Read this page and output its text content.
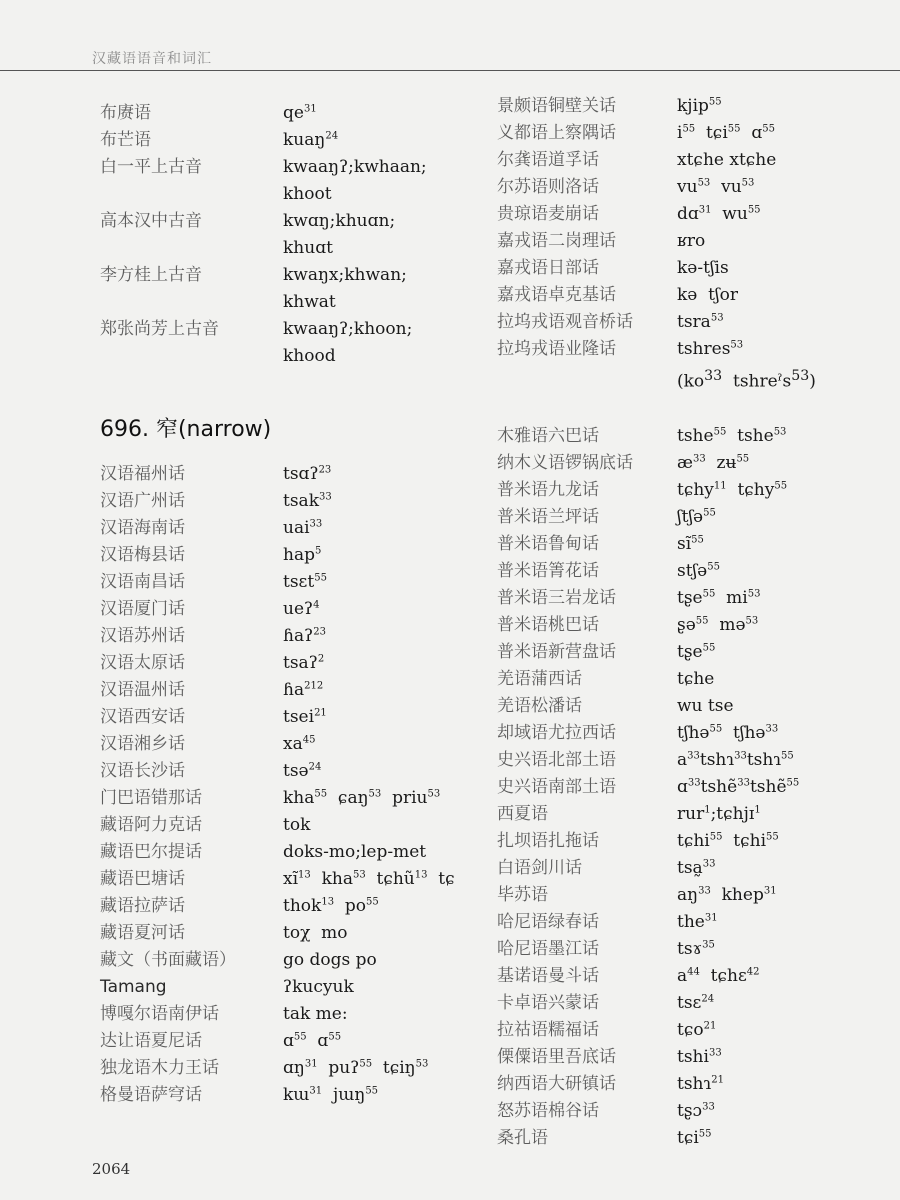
汉藏语语音和词汇
布赓语	$qe^{31}$
布芒语	kuaŋ$^{24}$
白一平上古音	kwaaŋʔ;kwhaan;
khoot
高本汉中古音	kwɑŋ;khuɑn;
khuɑt
李方桂上古音	kwaŋx;khwan;
khwat
郑张尚芳上古音	kwaaŋʔ;khoon;
khood
696. 窄(narrow)
汉语福州话	tsɑʔ$^{23}$
汉语广州话	tsak$^{33}$
汉语海南话	uai$^{33}$
汉语梅县话	hap$^5$
汉语南昌话	tsɛt$^{55}$
汉语厦门话	ueʔ$^4$
汉语苏州话	ɦaʔ$^{23}$
汉语太原话	tsaʔ$^2$
汉语温州话	ɦa$^{212}$
汉语西安话	tsei$^{21}$
汉语湘乡话	$xa^{45}$
汉语长沙话	tsə$^{24}$
门巴语错那话	kha$^{55}$  ɕaŋ$^{53}$  priu$^{53}$
藏语阿力克话	tok
藏语巴尔提话	doks-mo;lep-met
藏语巴塘话	$xĩ^{13}$  kha$^{53}$  tɕhũ$^{13}$  tɕ
藏语拉萨话	thok$^{13}$  $po^{55}$
藏语夏河话	toχ  mo
藏文（书面藏语）	go dogs po
Tamang	ʔkucyuk
博嘎尔语南伊话	tak me:
达让语夏尼话	ɑ$^{55}$  ɑ$^{55}$
独龙语木力王话	ɑŋ$^{31}$  puʔ$^{55}$  tɕiŋ$^{53}$
格曼语萨穹话	kɯ$^{31}$  jɯŋ$^{55}$
景颇语铜壁关话	kjip$^{55}$
义都语上察隅话	$i^{55}$  tɕi$^{55}$  ɑ$^{55}$
尔龚语道孚话	xtɕhe xtɕhe
尔苏语则洛话	$vu^{53}$  $vu^{53}$
贵琼语麦崩话	dɑ$^{31}$  $wu^{55}$
嘉戎语二岗理话	ʁro
嘉戎语日部话	kə-tʃis
嘉戎语卓克基话	kə  tʃor
拉坞戎语观音桥话	tsra$^{53}$
拉坞戎语业隆话	tshres$^{53}$
($ko^{33}$  tshreˀs$^{53}$)
木雅语六巴话	tshe$^{55}$  tshe$^{53}$
纳木义语锣锅底话	$æ^{33}$  zʉ$^{55}$
普米语九龙话	tɕhy$^{11}$  tɕhy$^{55}$
普米语兰坪话	ʃtʃə$^{55}$
普米语鲁甸话	$sĩ^{55}$
普米语箐花话	stʃə$^{55}$
普米语三岩龙话	tʂe$^{55}$  $mi^{53}$
普米语桃巴话	ʂə$^{55}$  mə$^{53}$
普米语新营盘话	tʂe$^{55}$
羌语蒲西话	tɕhe
羌语松潘话	wu tse
却域语尤拉西话	tʃhə$^{55}$  tʃhə$^{33}$
史兴语北部土语	$a^{33}tshɿ^{33}tshɿ^{55}$
史兴语南部土语	ɑ$^{33}$tshẽ$^{33}$tshẽ$^{55}$
西夏语	rur$^1$;tɕhjɪ$^1$
扎坝语扎拖话	tɕhi$^{55}$  tɕhi$^{55}$
白语剑川话	tsa̰$^{33}$
毕苏语	$aŋ^{33}$  khep$^{31}$
哈尼语绿春话	the$^{31}$
哈尼语墨江话	tsɤ$^{35}$
基诺语曼斗话	$a^{44}$  tɕhɛ$^{42}$
卡卓语兴蒙话	tsɛ$^{24}$
拉祜语糯福话	tɕo$^{21}$
傈僳语里吾底话	tshi$^{33}$
纳西语大研镇话	tshɿ$^{21}$
怒苏语棉谷话	tʂɔ$^{33}$
桑孔语	tɕi$^{55}$
2064
